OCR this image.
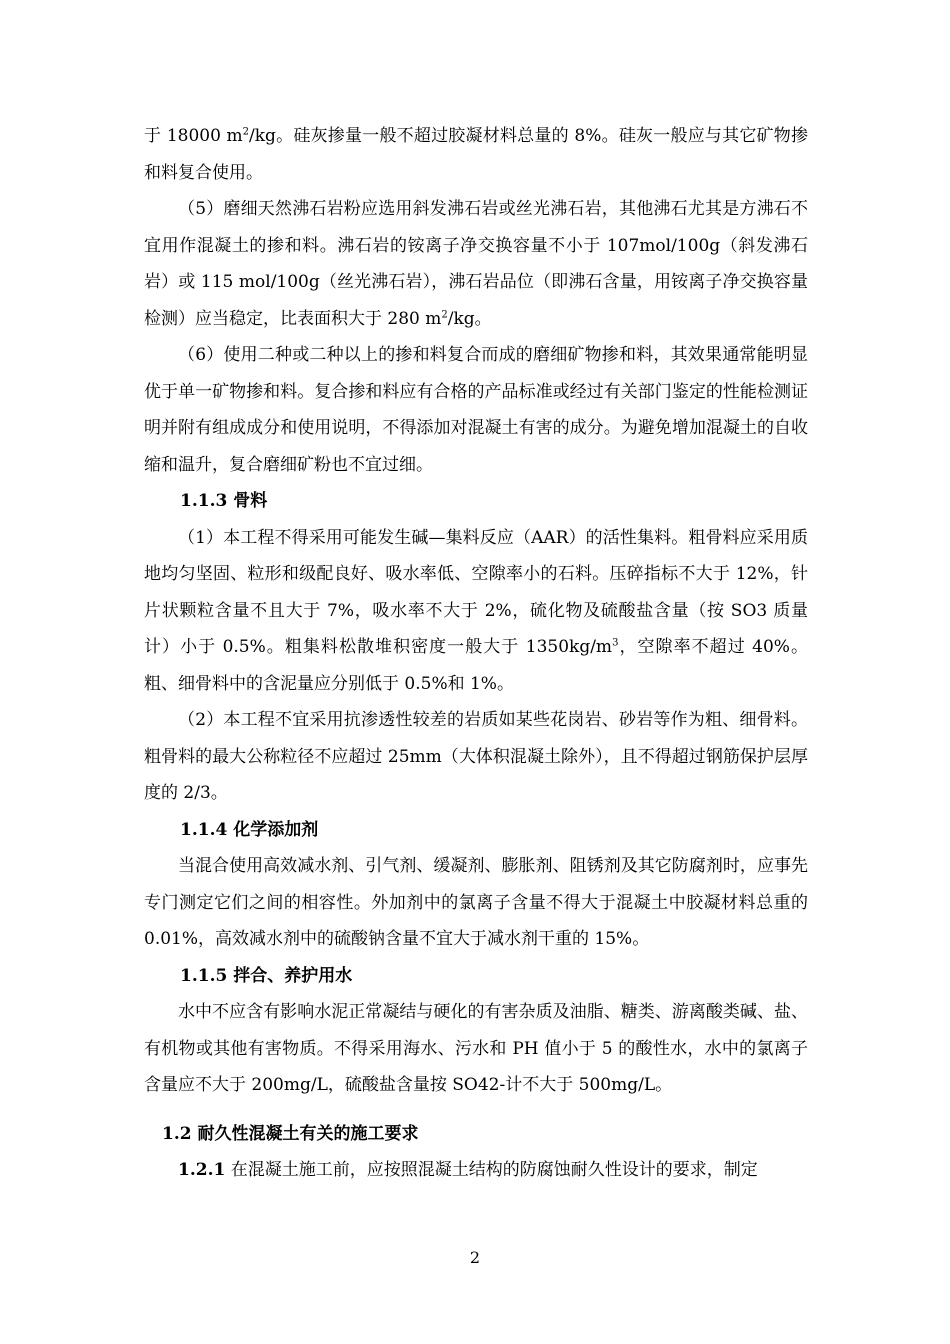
于 18000 $m^2/kg$。硅灰掺量一般不超过胶凝材料总量的 8%。硅灰一般应与其它矿物掺和料复合使用。

（5）磨细天然沸石岩粉应选用斜发沸石岩或丝光沸石岩，其他沸石尤其是方沸石不宜用作混凝土的掺和料。沸石岩的铵离子净交换容量不小于 107mol/100g（斜发沸石岩）或 115 mol/100g（丝光沸石岩），沸石岩品位（即沸石含量，用铵离子净交换容量检测）应当稳定，比表面积大于 280 $m^2/kg$。

（6）使用二种或二种以上的掺和料复合而成的磨细矿物掺和料，其效果通常能明显优于单一矿物掺和料。复合掺和料应有合格的产品标准或经过有关部门鉴定的性能检测证明并附有组成成分和使用说明，不得添加对混凝土有害的成分。为避免增加混凝土的自收缩和温升，复合磨细矿粉也不宜过细。

1.1.3 骨料

（1）本工程不得采用可能发生碱—集料反应（AAR）的活性集料。粗骨料应采用质地均匀坚固、粒形和级配良好、吸水率低、空隙率小的石料。压碎指标不大于 12%，针片状颗粒含量不且大于 7%，吸水率不大于 2%，硫化物及硫酸盐含量（按 SO3 质量计）小于 0.5%。粗集料松散堆积密度一般大于 $1350kg/m^3$，空隙率不超过 40%。粗、细骨料中的含泥量应分别低于 0.5%和 1%。

（2）本工程不宜采用抗渗透性较差的岩质如某些花岗岩、砂岩等作为粗、细骨料。粗骨料的最大公称粒径不应超过 25mm（大体积混凝土除外），且不得超过钢筋保护层厚度的 2/3。

1.1.4 化学添加剂

当混合使用高效减水剂、引气剂、缓凝剂、膨胀剂、阻锈剂及其它防腐剂时，应事先专门测定它们之间的相容性。外加剂中的氯离子含量不得大于混凝土中胶凝材料总重的 0.01%，高效减水剂中的硫酸钠含量不宜大于减水剂干重的 15%。

1.1.5 拌合、养护用水

水中不应含有影响水泥正常凝结与硬化的有害杂质及油脂、糖类、游离酸类碱、盐、有机物或其他有害物质。不得采用海水、污水和 PH 值小于 5 的酸性水，水中的氯离子含量应不大于 200mg/L，硫酸盐含量按 SO42-计不大于 500mg/L。

1.2 耐久性混凝土有关的施工要求

1.2.1 在混凝土施工前，应按照混凝土结构的防腐蚀耐久性设计的要求，制定

2
